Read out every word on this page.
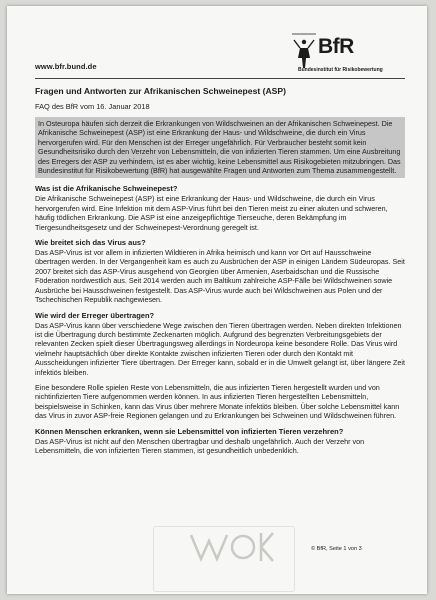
www.bfr.bund.de
BfR
Bundesinstitut für Risikobewertung
Fragen und Antworten zur Afrikanischen Schweinepest (ASP)
FAQ des BfR vom 16. Januar 2018
In Osteuropa häufen sich derzeit die Erkrankungen von Wildschweinen an der Afrikanischen Schweinepest. Die Afrikanische Schweinepest (ASP) ist eine Erkrankung der Haus- und Wildschweine, die durch ein Virus hervorgerufen wird. Für den Menschen ist der Erreger ungefährlich. Für Verbraucher besteht somit kein Gesundheitsrisiko durch den Verzehr von Lebensmitteln, die von infizierten Tieren stammen. Um eine Ausbreitung des Erregers der ASP zu verhindern, ist es aber wichtig, keine Lebensmittel aus Risikogebieten mitzubringen. Das Bundesinstitut für Risikobewertung (BfR) hat ausgewählte Fragen und Antworten zum Thema zusammengestellt.
Was ist die Afrikanische Schweinepest?
Die Afrikanische Schweinepest (ASP) ist eine Erkrankung der Haus- und Wildschweine, die durch ein Virus hervorgerufen wird. Eine Infektion mit dem ASP-Virus führt bei den Tieren meist zu einer akuten und schweren, häufig tödlichen Erkrankung. Die ASP ist eine anzeigepflichtige Tierseuche, deren Bekämpfung im Tiergesundheitsgesetz und der Schweinepest-Verordnung geregelt ist.
Wie breitet sich das Virus aus?
Das ASP-Virus ist vor allem in infizierten Wildtieren in Afrika heimisch und kann vor Ort auf Hausschweine übertragen werden. In der Vergangenheit kam es auch zu Ausbrüchen der ASP in einigen Ländern Südeuropas. Seit 2007 breitet sich das ASP-Virus ausgehend von Georgien über Armenien, Aserbaidschan und die Russische Föderation nordwestlich aus. Seit 2014 werden auch im Baltikum zahlreiche ASP-Fälle bei Wildschweinen sowie Ausbrüche bei Hausschweinen festgestellt. Das ASP-Virus wurde auch bei Wildschweinen aus Polen und der Tschechischen Republik nachgewiesen.
Wie wird der Erreger übertragen?
Das ASP-Virus kann über verschiedene Wege zwischen den Tieren übertragen werden. Neben direkten Infektionen ist die Übertragung durch bestimmte Zeckenarten möglich. Aufgrund des begrenzten Verbreitungsgebiets der relevanten Zecken spielt dieser Übertragungsweg allerdings in Nordeuropa keine besondere Rolle. Das Virus wird vielmehr hauptsächlich über direkte Kontakte zwischen infizierten Tieren oder durch den Kontakt mit Ausscheidungen infizierter Tiere übertragen. Der Erreger kann, sobald er in die Umwelt gelangt ist, über längere Zeit infektiös bleiben.
Eine besondere Rolle spielen Reste von Lebensmitteln, die aus infizierten Tieren hergestellt wurden und von nichtinfizierten Tiere aufgenommen werden können. In aus infizierten Tieren hergestellten Lebensmitteln, beispielsweise in Schinken, kann das Virus über mehrere Monate infektiös bleiben. Über solche Lebensmittel kann das Virus in zuvor ASP-freie Regionen gelangen und zu Erkrankungen bei Schweinen und Wildschweinen führen.
Können Menschen erkranken, wenn sie Lebensmittel von infizierten Tieren verzehren?
Das ASP-Virus ist nicht auf den Menschen übertragbar und deshalb ungefährlich. Auch der Verzehr von Lebensmitteln, die von infizierten Tieren stammen, ist gesundheitlich unbedenklich.
© BfR, Seite 1 von 3
